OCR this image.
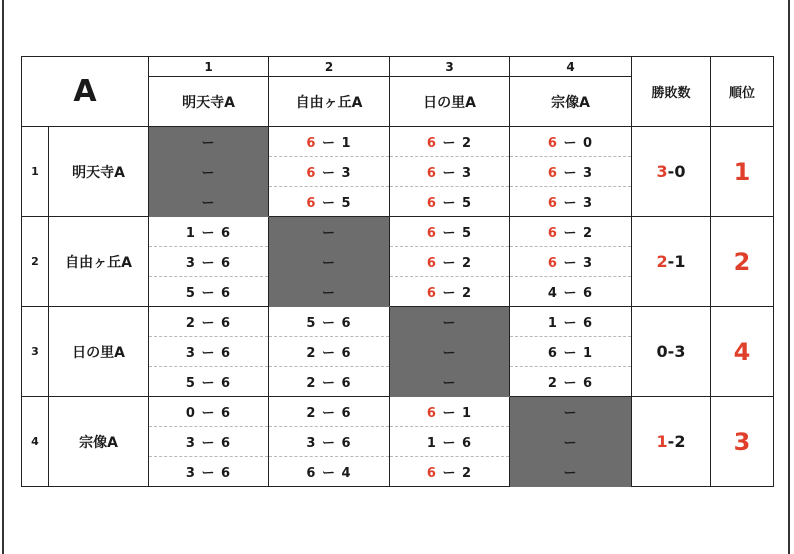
A		1	2	3	4	勝敗数	順位
		明天寺A	自由ヶ丘A	日の里A	宗像A		
1	明天寺A	ー	6 ー 1	6 ー 2	6 ー 0	3-0	1
		ー	6 ー 3	6 ー 3	6 ー 3		
		ー	6 ー 5	6 ー 5	6 ー 3		
2	自由ヶ丘A	1 ー 6	ー	6 ー 5	6 ー 2	2-1	2
		3 ー 6	ー	6 ー 2	6 ー 3		
		5 ー 6	ー	6 ー 2	4 ー 6		
3	日の里A	2 ー 6	5 ー 6	ー	1 ー 6	0-3	4
		3 ー 6	2 ー 6	ー	6 ー 1		
		5 ー 6	2 ー 6	ー	2 ー 6		
4	宗像A	0 ー 6	2 ー 6	6 ー 1	ー	1-2	3
		3 ー 6	3 ー 6	1 ー 6	ー		
		3 ー 6	6 ー 4	6 ー 2	ー		
